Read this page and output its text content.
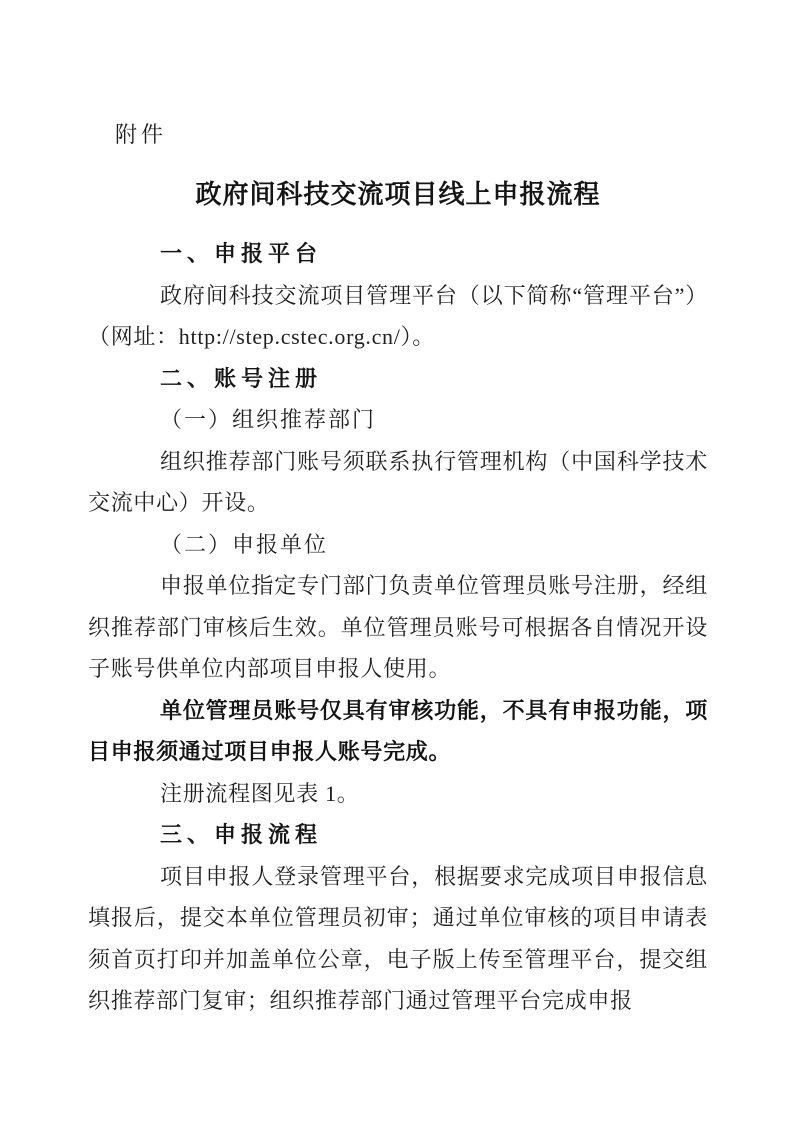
附件
政府间科技交流项目线上申报流程
一、申报平台

政府间科技交流项目管理平台（以下简称“管理平台”）（网址：http://step.cstec.org.cn/）。

二、账号注册
（一）组织推荐部门

组织推荐部门账号须联系执行管理机构（中国科学技术交流中心）开设。

（二）申报单位

申报单位指定专门部门负责单位管理员账号注册，经组织推荐部门审核后生效。单位管理员账号可根据各自情况开设子账号供单位内部项目申报人使用。

单位管理员账号仅具有审核功能，不具有申报功能，项目申报须通过项目申报人账号完成。

注册流程图见表 1。

三、申报流程

项目申报人登录管理平台，根据要求完成项目申报信息填报后，提交本单位管理员初审；通过单位审核的项目申请表须首页打印并加盖单位公章，电子版上传至管理平台，提交组织推荐部门复审；组织推荐部门通过管理平台完成申报
